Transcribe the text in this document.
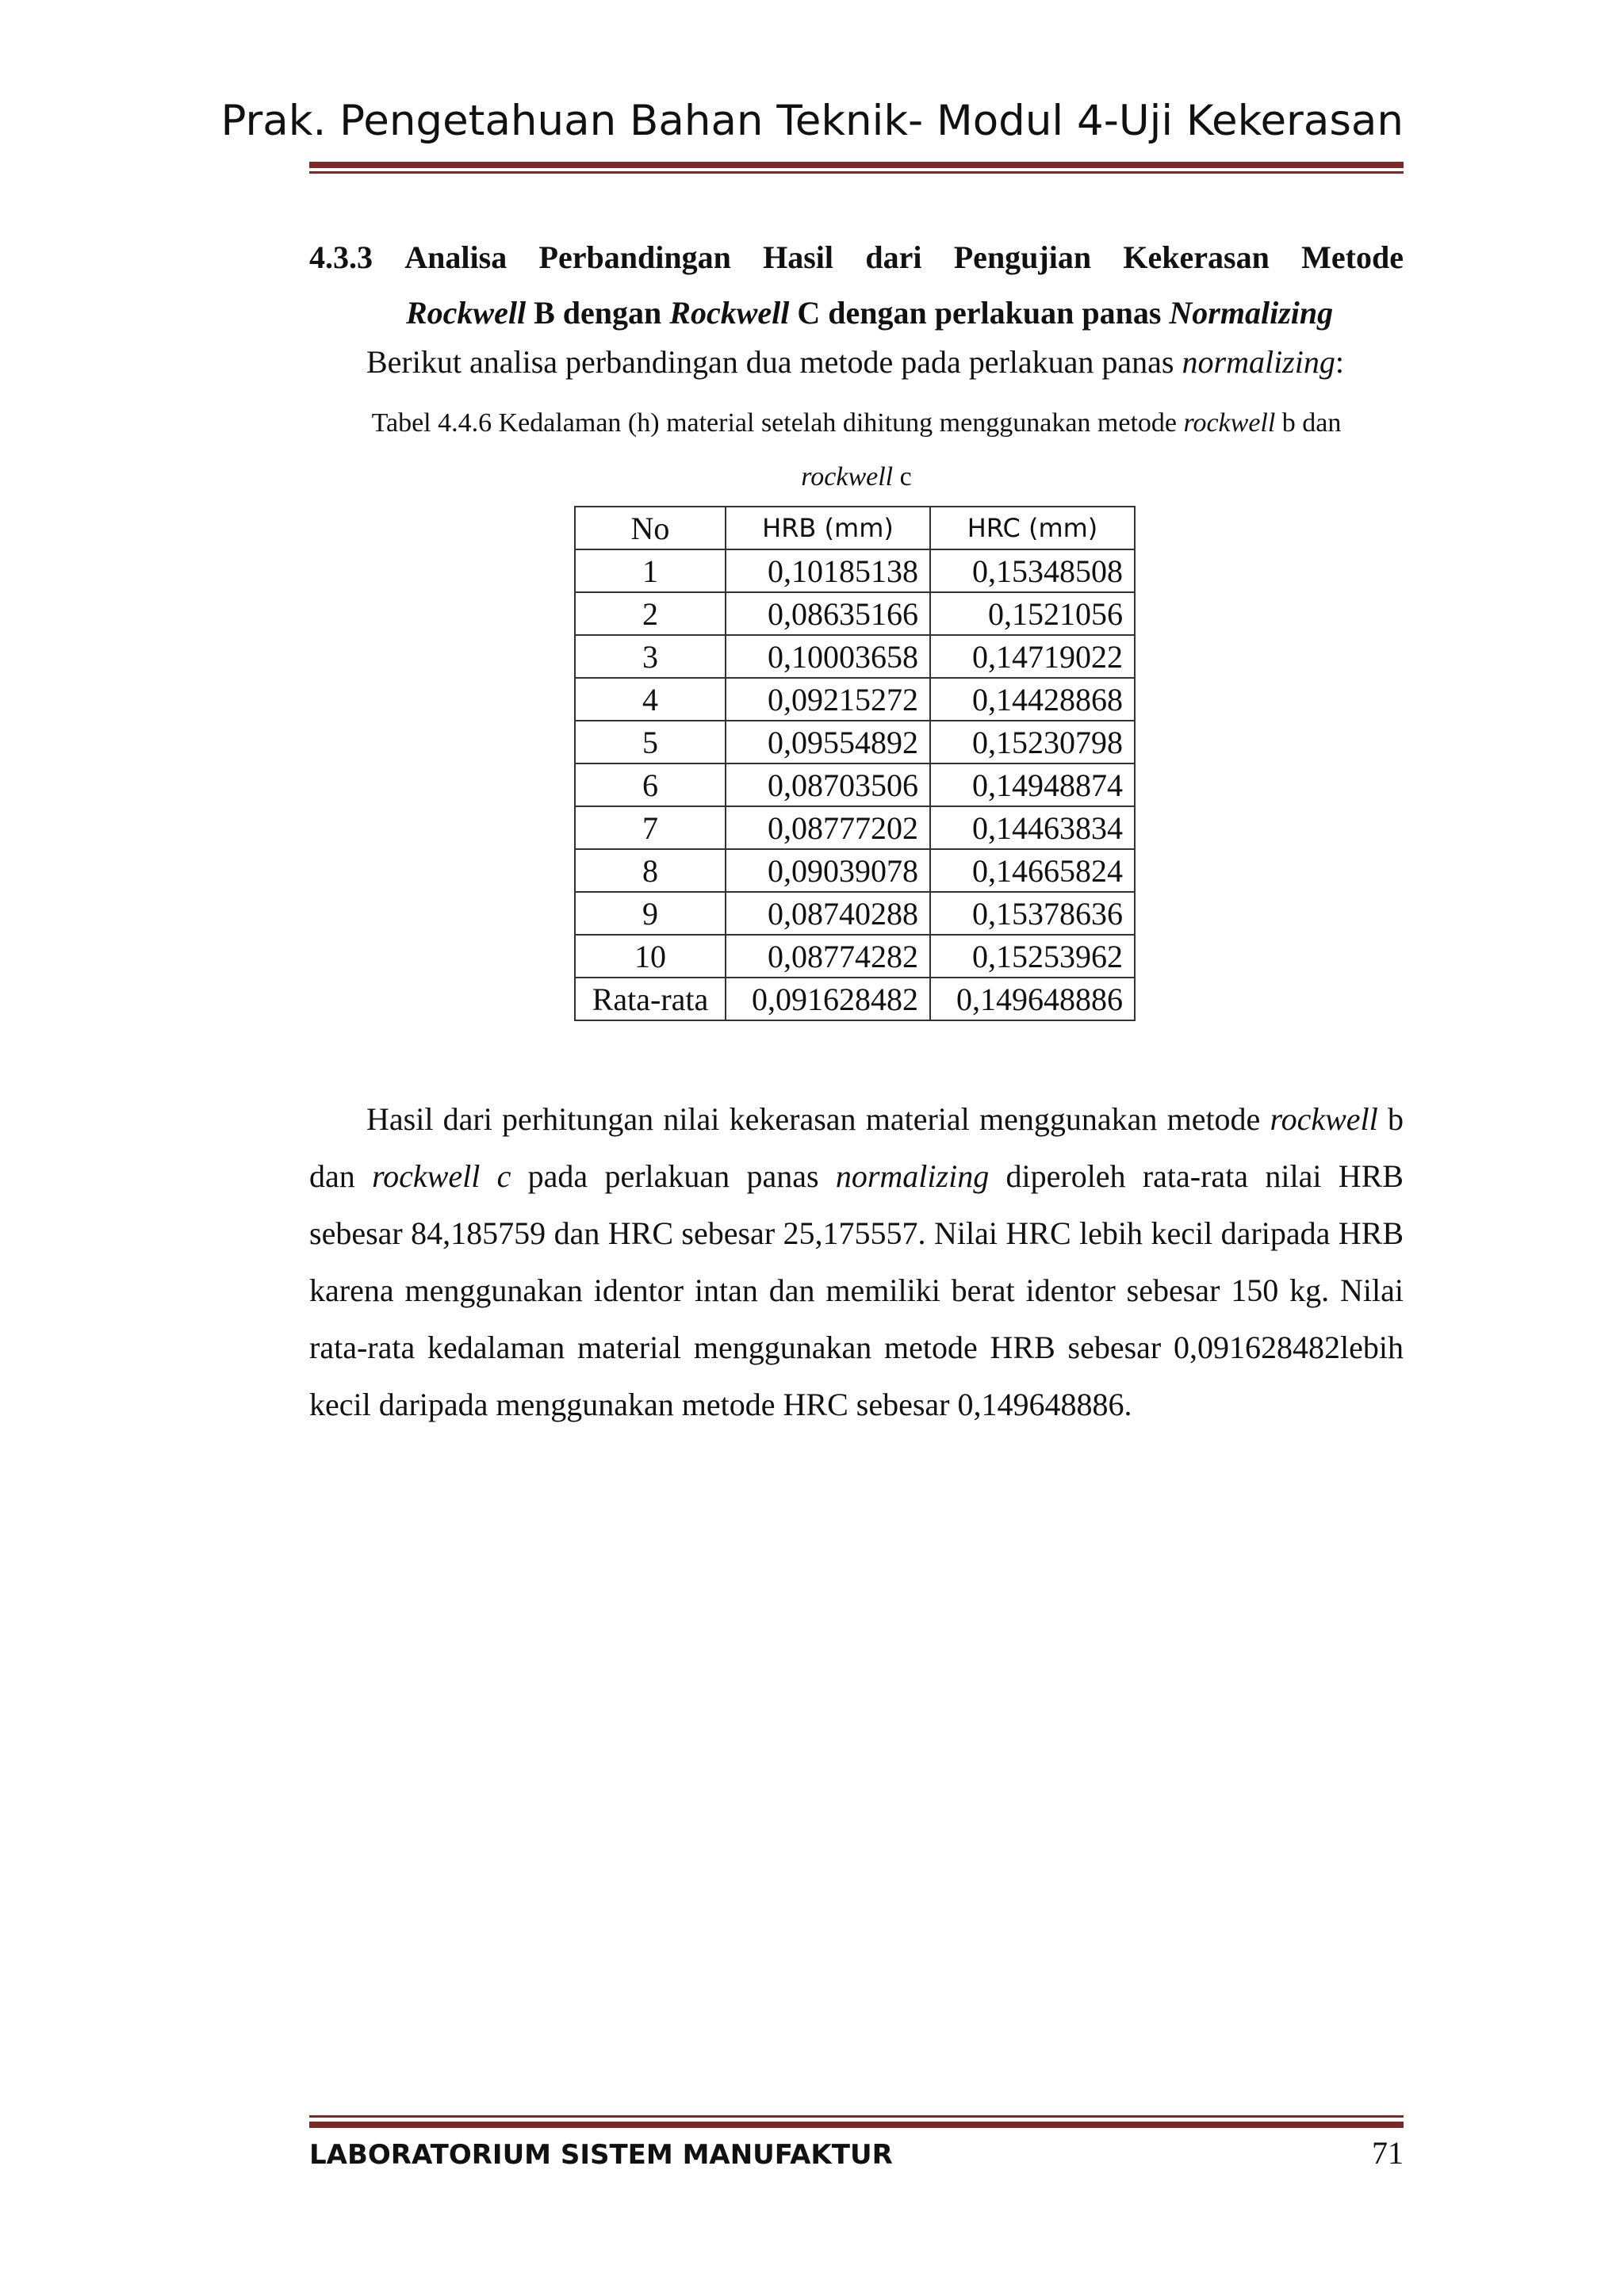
Prak. Pengetahuan Bahan Teknik- Modul 4-Uji Kekerasan
4.3.3 Analisa Perbandingan Hasil dari Pengujian Kekerasan Metode
Rockwell B dengan Rockwell C dengan perlakuan panas Normalizing
Berikut analisa perbandingan dua metode pada perlakuan panas normalizing:
Tabel 4.4.6 Kedalaman (h) material setelah dihitung menggunakan metode rockwell b dan
rockwell c
No	HRB (mm)	HRC (mm)
1	0,10185138	0,15348508
2	0,08635166	0,1521056
3	0,10003658	0,14719022
4	0,09215272	0,14428868
5	0,09554892	0,15230798
6	0,08703506	0,14948874
7	0,08777202	0,14463834
8	0,09039078	0,14665824
9	0,08740288	0,15378636
10	0,08774282	0,15253962
Rata-rata	0,091628482	0,149648886
Hasil dari perhitungan nilai kekerasan material menggunakan metode rockwell b dan rockwell c pada perlakuan panas normalizing diperoleh rata-rata nilai HRB sebesar 84,185759 dan HRC sebesar 25,175557. Nilai HRC lebih kecil daripada HRB karena menggunakan identor intan dan memiliki berat identor sebesar 150 kg. Nilai rata-rata kedalaman material menggunakan metode HRB sebesar 0,091628482lebih kecil daripada menggunakan metode HRC sebesar 0,149648886.
LABORATORIUM SISTEM MANUFAKTUR	71
